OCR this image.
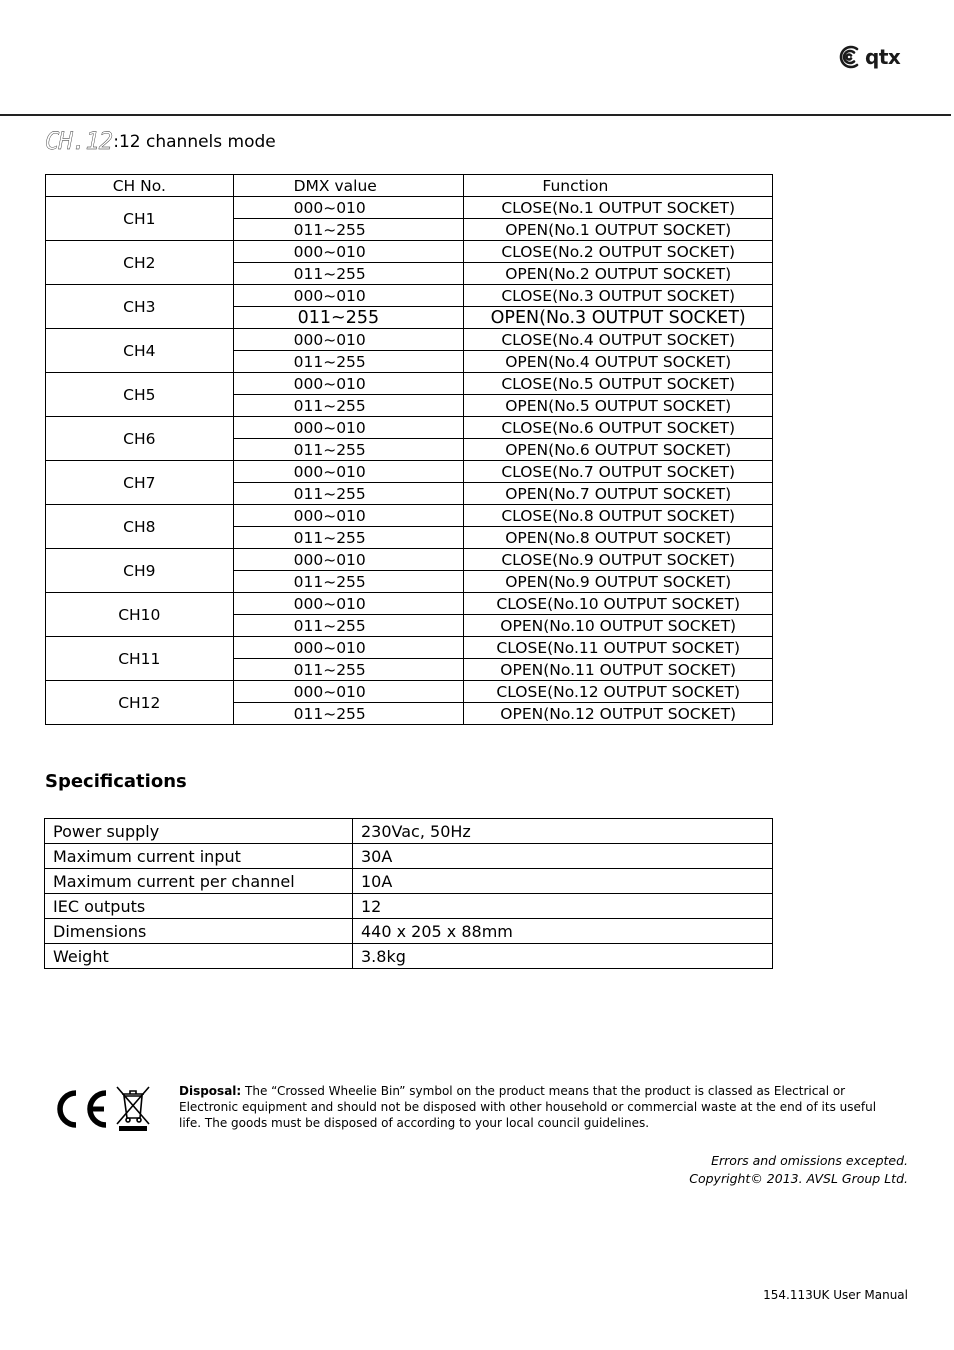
qtx
CH.12 :12 channels mode
CH No.	DMX value	Function
CH1	000~010	CLOSE(No.1 OUTPUT SOCKET)
	011~255	OPEN(No.1 OUTPUT SOCKET)
CH2	000~010	CLOSE(No.2 OUTPUT SOCKET)
	011~255	OPEN(No.2 OUTPUT SOCKET)
CH3	000~010	CLOSE(No.3 OUTPUT SOCKET)
	011~255	OPEN(No.3 OUTPUT SOCKET)
CH4	000~010	CLOSE(No.4 OUTPUT SOCKET)
	011~255	OPEN(No.4 OUTPUT SOCKET)
CH5	000~010	CLOSE(No.5 OUTPUT SOCKET)
	011~255	OPEN(No.5 OUTPUT SOCKET)
CH6	000~010	CLOSE(No.6 OUTPUT SOCKET)
	011~255	OPEN(No.6 OUTPUT SOCKET)
CH7	000~010	CLOSE(No.7 OUTPUT SOCKET)
	011~255	OPEN(No.7 OUTPUT SOCKET)
CH8	000~010	CLOSE(No.8 OUTPUT SOCKET)
	011~255	OPEN(No.8 OUTPUT SOCKET)
CH9	000~010	CLOSE(No.9 OUTPUT SOCKET)
	011~255	OPEN(No.9 OUTPUT SOCKET)
CH10	000~010	CLOSE(No.10 OUTPUT SOCKET)
	011~255	OPEN(No.10 OUTPUT SOCKET)
CH11	000~010	CLOSE(No.11 OUTPUT SOCKET)
	011~255	OPEN(No.11 OUTPUT SOCKET)
CH12	000~010	CLOSE(No.12 OUTPUT SOCKET)
	011~255	OPEN(No.12 OUTPUT SOCKET)
Specifications
Power supply	230Vac, 50Hz
Maximum current input	30A
Maximum current per channel	10A
IEC outputs	12
Dimensions	440 x 205 x 88mm
Weight	3.8kg
Disposal: The “Crossed Wheelie Bin” symbol on the product means that the product is classed as Electrical or Electronic equipment and should not be disposed with other household or commercial waste at the end of its useful life. The goods must be disposed of according to your local council guidelines.
Errors and omissions excepted.
Copyright© 2013. AVSL Group Ltd.
154.113UK User Manual
